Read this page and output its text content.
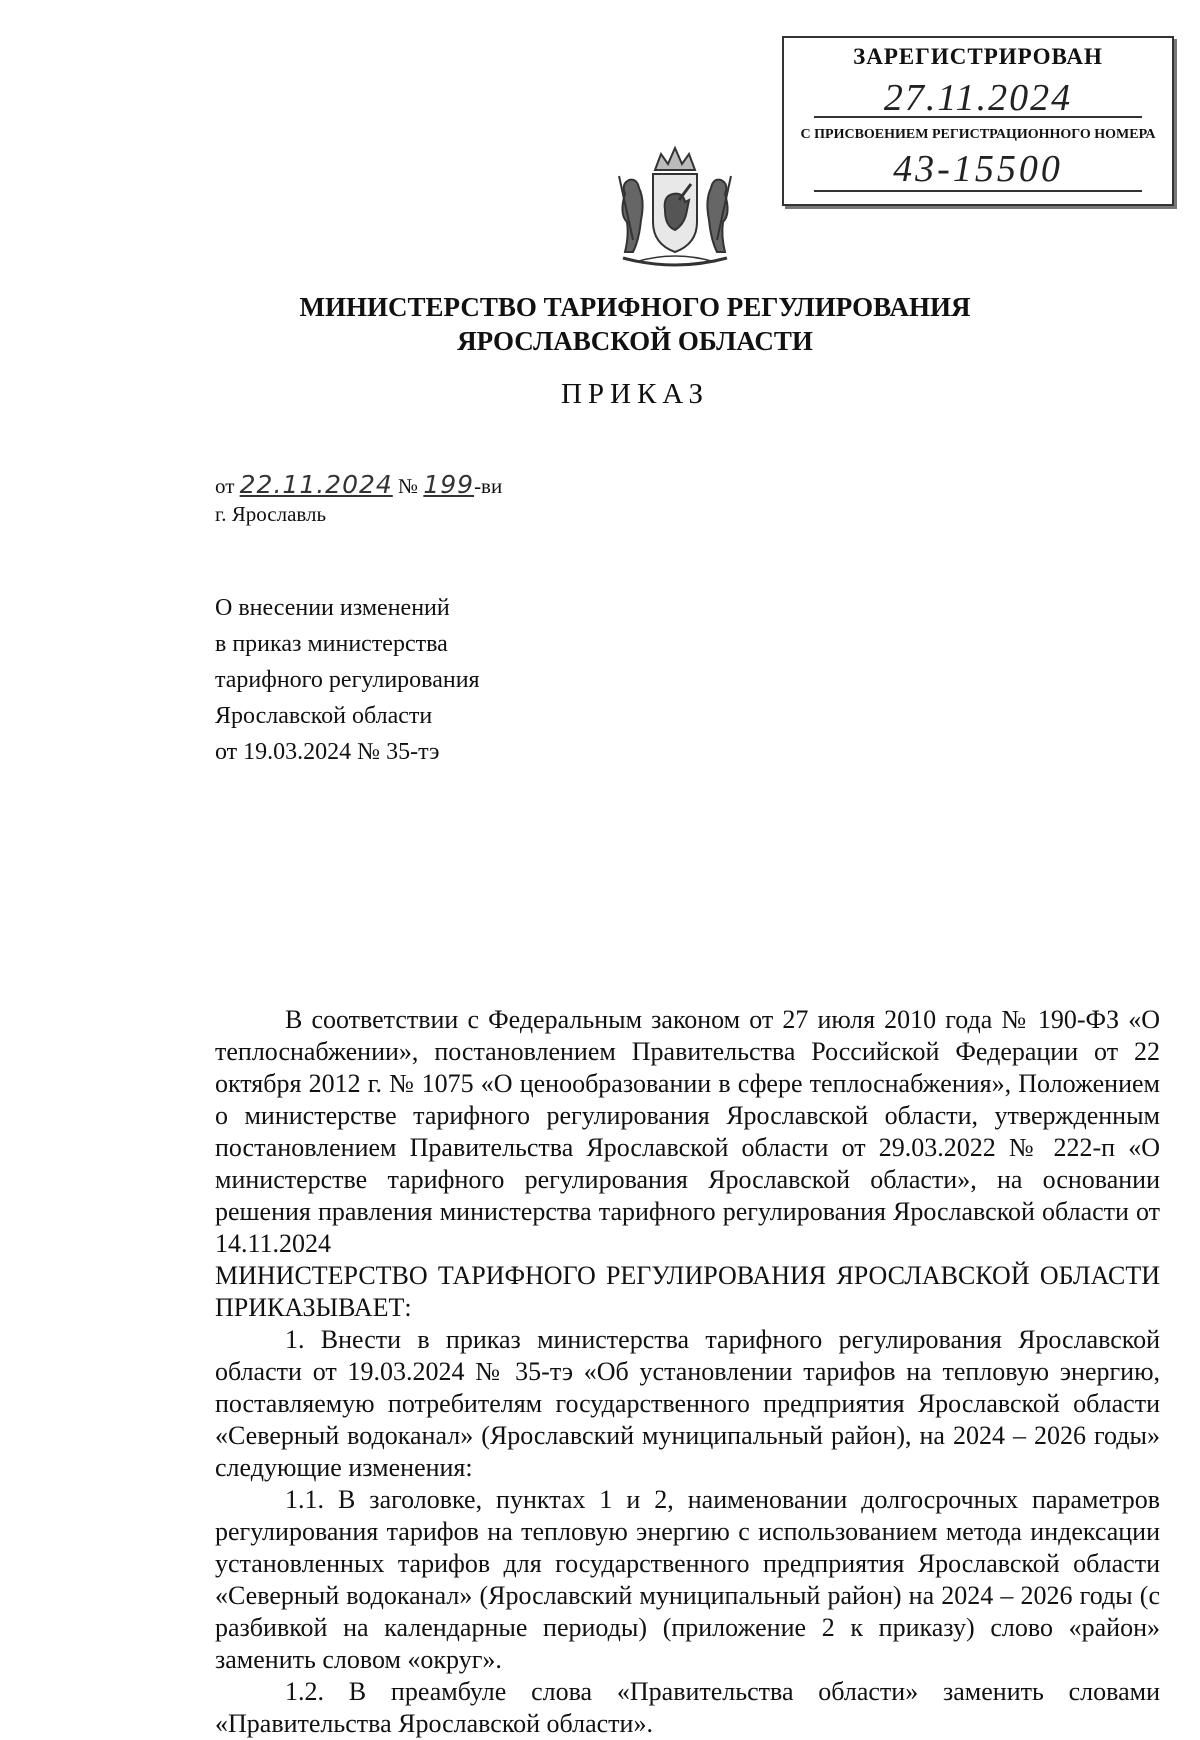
ЗАРЕГИСТРИРОВАН
27.11.2024
С ПРИСВОЕНИЕМ РЕГИСТРАЦИОННОГО НОМЕРА
43-15500
МИНИСТЕРСТВО ТАРИФНОГО РЕГУЛИРОВАНИЯ
ЯРОСЛАВСКОЙ ОБЛАСТИ
ПРИКАЗ
от 22.11.2024 № 199-ви
г. Ярославль
О внесении изменений
в приказ министерства
тарифного регулирования
Ярославской области
от 19.03.2024 № 35-тэ

В соответствии с Федеральным законом от 27 июля 2010 года № 190-ФЗ «О теплоснабжении», постановлением Правительства Российской Федерации от 22 октября 2012 г. № 1075 «О ценообразовании в сфере теплоснабжения», Положением о министерстве тарифного регулирования Ярославской области, утвержденным постановлением Правительства Ярославской области от 29.03.2022 № 222-п «О министерстве тарифного регулирования Ярославской области», на основании решения правления министерства тарифного регулирования Ярославской области от 14.11.2024

МИНИСТЕРСТВО ТАРИФНОГО РЕГУЛИРОВАНИЯ ЯРОСЛАВСКОЙ ОБЛАСТИ ПРИКАЗЫВАЕТ:

1. Внести в приказ министерства тарифного регулирования Ярославской области от 19.03.2024 № 35-тэ «Об установлении тарифов на тепловую энергию, поставляемую потребителям государственного предприятия Ярославской области «Северный водоканал» (Ярославский муниципальный район), на 2024 – 2026 годы» следующие изменения:

1.1. В заголовке, пунктах 1 и 2, наименовании долгосрочных параметров регулирования тарифов на тепловую энергию с использованием метода индексации установленных тарифов для государственного предприятия Ярославской области «Северный водоканал» (Ярославский муниципальный район) на 2024 – 2026 годы (с разбивкой на календарные периоды) (приложение 2 к приказу) слово «район» заменить словом «округ».

1.2. В преамбуле слова «Правительства области» заменить словами «Правительства Ярославской области».
